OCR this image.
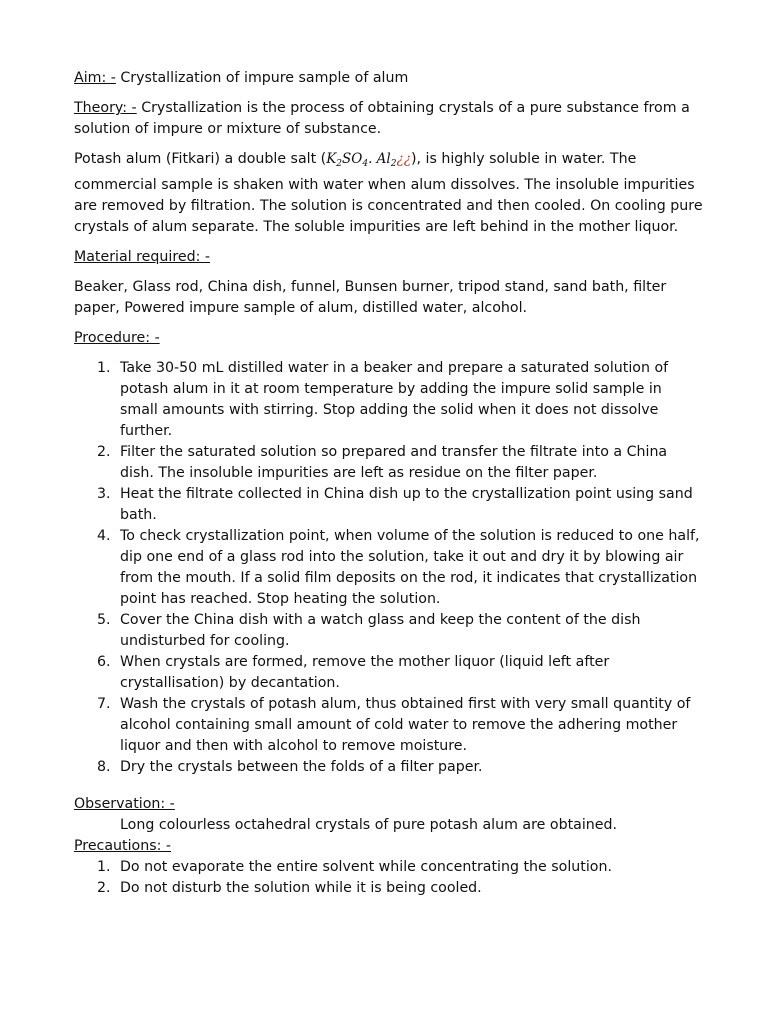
Aim: - Crystallization of impure sample of alum

Theory: - Crystallization is the process of obtaining crystals of a pure substance from a solution of impure or mixture of substance.

Potash alum (Fitkari) a double salt ($K_2SO_4$. $Al_2¿¿$), is highly soluble in water. The commercial sample is shaken with water when alum dissolves. The insoluble impurities are removed by filtration. The solution is concentrated and then cooled. On cooling pure crystals of alum separate. The soluble impurities are left behind in the mother liquor.

Material required: -

Beaker, Glass rod, China dish, funnel, Bunsen burner, tripod stand, sand bath, filter paper, Powered impure sample of alum, distilled water, alcohol.

Procedure: -

1. Take 30-50 mL distilled water in a beaker and prepare a saturated solution of potash alum in it at room temperature by adding the impure solid sample in small amounts with stirring. Stop adding the solid when it does not dissolve further.
2. Filter the saturated solution so prepared and transfer the filtrate into a China dish. The insoluble impurities are left as residue on the filter paper.
3. Heat the filtrate collected in China dish up to the crystallization point using sand bath.
4. To check crystallization point, when volume of the solution is reduced to one half, dip one end of a glass rod into the solution, take it out and dry it by blowing air from the mouth. If a solid film deposits on the rod, it indicates that crystallization point has reached. Stop heating the solution.
5. Cover the China dish with a watch glass and keep the content of the dish undisturbed for cooling.
6. When crystals are formed, remove the mother liquor (liquid left after crystallisation) by decantation.
7. Wash the crystals of potash alum, thus obtained first with very small quantity of alcohol containing small amount of cold water to remove the adhering mother liquor and then with alcohol to remove moisture.
8. Dry the crystals between the folds of a filter paper.

Observation: -

Long colourless octahedral crystals of pure potash alum are obtained.

Precautions: -

1. Do not evaporate the entire solvent while concentrating the solution.
2. Do not disturb the solution while it is being cooled.
